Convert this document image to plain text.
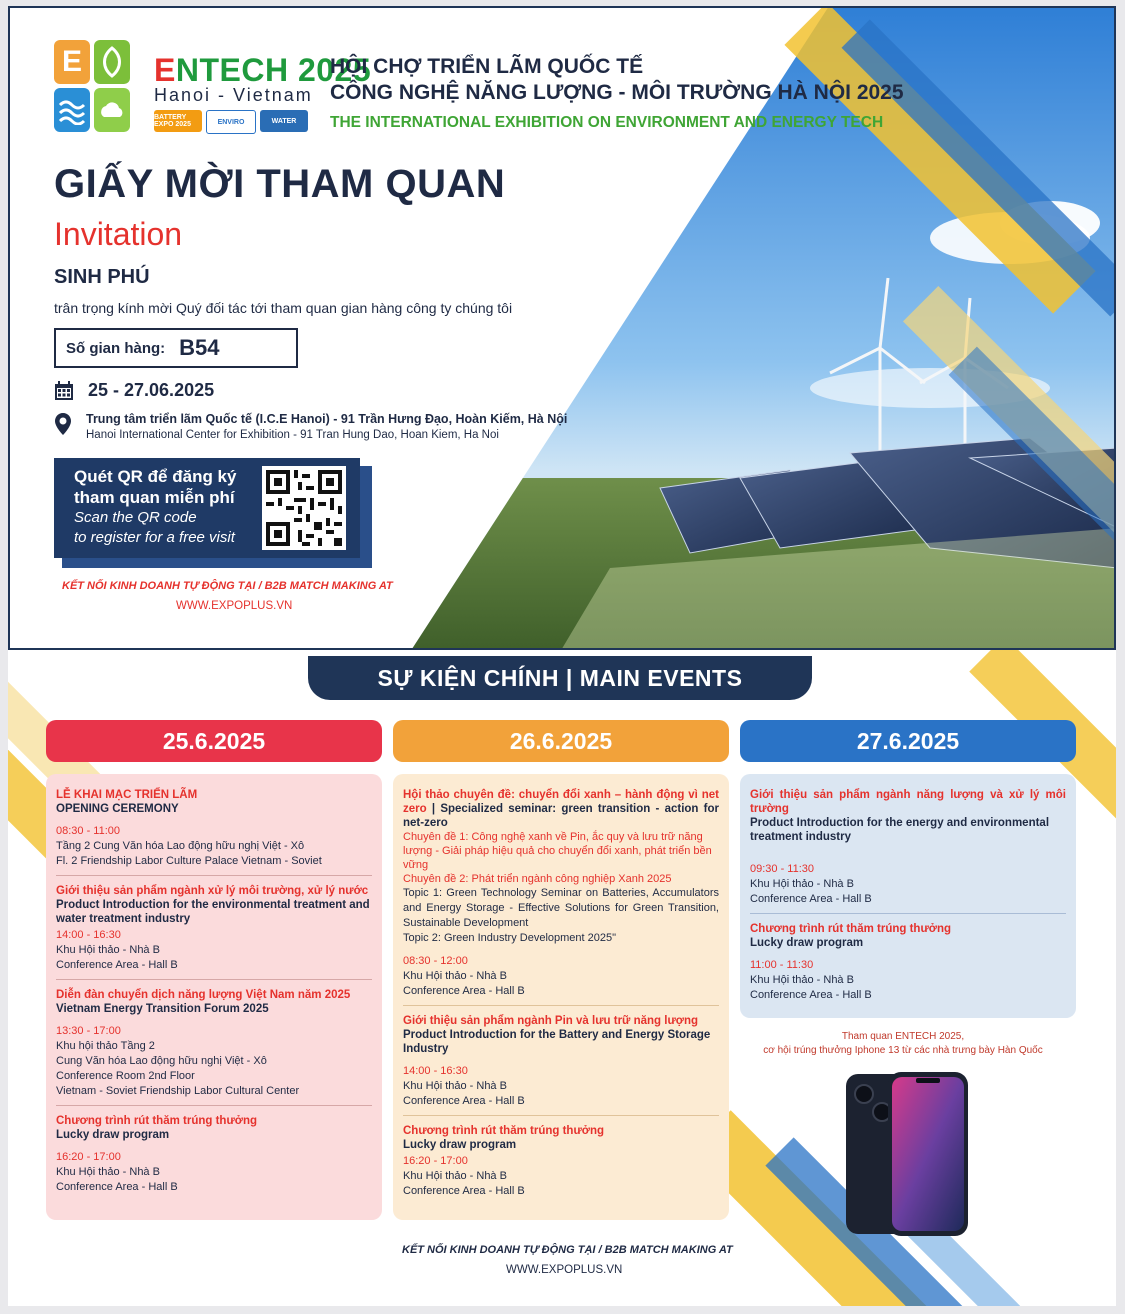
E ENTECH 2025
Hanoi - Vietnam
BATTERY EXPO 2025	ENVIRO	WATER
HỘI CHỢ TRIỂN LÃM QUỐC TẾ
CÔNG NGHỆ NĂNG LƯỢNG - MÔI TRƯỜNG HÀ NỘI 2025
THE INTERNATIONAL EXHIBITION ON ENVIRONMENT AND ENERGY TECH
GIẤY MỜI THAM QUAN
Invitation
SINH PHÚ
trân trọng kính mời Quý đối tác tới tham quan gian hàng công ty chúng tôi
Số gian hàng: B54
25 - 27.06.2025
Trung tâm triển lãm Quốc tế (I.C.E Hanoi) - 91 Trần Hưng Đạo, Hoàn Kiếm, Hà Nội
Hanoi International Center for Exhibition - 91 Tran Hung Dao, Hoan Kiem, Ha Noi
Quét QR để đăng ký
tham quan miễn phí
Scan the QR code
to register for a free visit
KẾT NỐI KINH DOANH TỰ ĐỘNG TẠI / B2B MATCH MAKING AT
WWW.EXPOPLUS.VN
SỰ KIỆN CHÍNH | MAIN EVENTS
25.6.2025
LỄ KHAI MẠC TRIỂN LÃM
OPENING CEREMONY
08:30 - 11:00
Tầng 2 Cung Văn hóa Lao động hữu nghị Việt - Xô
Fl. 2 Friendship Labor Culture Palace Vietnam - Soviet
Giới thiệu sản phẩm ngành xử lý môi trường, xử lý nước
Product Introduction for the environmental treatment and water treatment industry
14:00 - 16:30
Khu Hội thảo - Nhà B
Conference Area - Hall B
Diễn đàn chuyển dịch năng lượng Việt Nam năm 2025
Vietnam Energy Transition Forum 2025
13:30 - 17:00
Khu hội thảo Tầng 2
Cung Văn hóa Lao động hữu nghị Việt - Xô
Conference Room 2nd Floor
Vietnam - Soviet Friendship Labor Cultural Center
Chương trình rút thăm trúng thưởng
Lucky draw program
16:20 - 17:00
Khu Hội thảo - Nhà B
Conference Area - Hall B
26.6.2025
Hội thảo chuyên đề: chuyển đổi xanh – hành động vì net zero | Specialized seminar: green transition - action for net-zero
Chuyên đề 1: Công nghệ xanh về Pin, ắc quy và lưu trữ năng lượng - Giải pháp hiệu quả cho chuyển đổi xanh, phát triển bền vững
Chuyên đề 2: Phát triển ngành công nghiệp Xanh 2025
Topic 1: Green Technology Seminar on Batteries, Accumulators and Energy Storage - Effective Solutions for Green Transition, Sustainable Development
Topic 2: Green Industry Development 2025"
08:30 - 12:00
Khu Hội thảo - Nhà B
Conference Area - Hall B
Giới thiệu sản phẩm ngành Pin và lưu trữ năng lượng
Product Introduction for the Battery and Energy Storage Industry
14:00 - 16:30
Khu Hội thảo - Nhà B
Conference Area - Hall B
Chương trình rút thăm trúng thưởng
Lucky draw program
16:20 - 17:00
Khu Hội thảo - Nhà B
Conference Area - Hall B
27.6.2025
Giới thiệu sản phẩm ngành năng lượng và xử lý môi trường
Product Introduction for the energy and environmental treatment industry
09:30 - 11:30
Khu Hội thảo - Nhà B
Conference Area - Hall B
Chương trình rút thăm trúng thưởng
Lucky draw program
11:00 - 11:30
Khu Hội thảo - Nhà B
Conference Area - Hall B
Tham quan ENTECH 2025,
cơ hội trúng thưởng Iphone 13 từ các nhà trưng bày Hàn Quốc
KẾT NỐI KINH DOANH TỰ ĐỘNG TẠI / B2B MATCH MAKING AT
WWW.EXPOPLUS.VN
